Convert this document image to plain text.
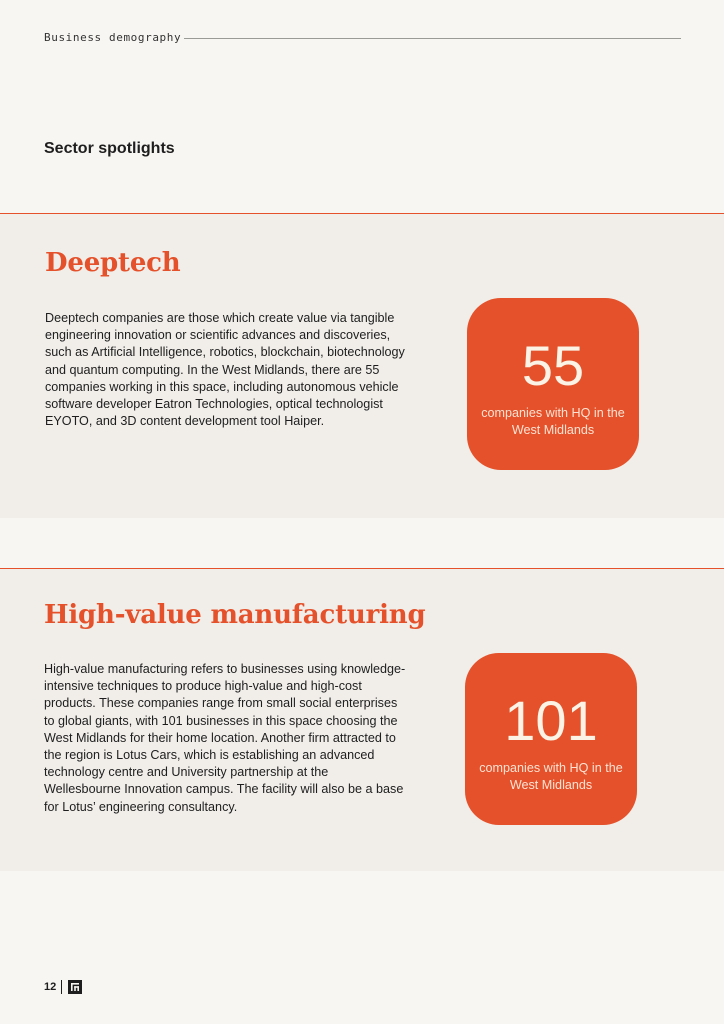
Business demography
Sector spotlights
Deeptech

Deeptech companies are those which create value via tangible engineering innovation or scientific advances and discoveries, such as Artificial Intelligence, robotics, blockchain, biotechnology and quantum computing. In the West Midlands, there are 55 companies working in this space, including autonomous vehicle software developer Eatron Technologies, optical technologist EYOTO, and 3D content development tool Haiper.

55
companies with HQ in the West Midlands
High-value manufacturing

High-value manufacturing refers to businesses using knowledge-intensive techniques to produce high-value and high-cost products. These companies range from small social enterprises to global giants, with 101 businesses in this space choosing the West Midlands for their home location. Another firm attracted to the region is Lotus Cars, which is establishing an advanced technology centre and University partnership at the Wellesbourne Innovation campus. The facility will also be a base for Lotus’ engineering consultancy.

101
companies with HQ in the West Midlands
12
